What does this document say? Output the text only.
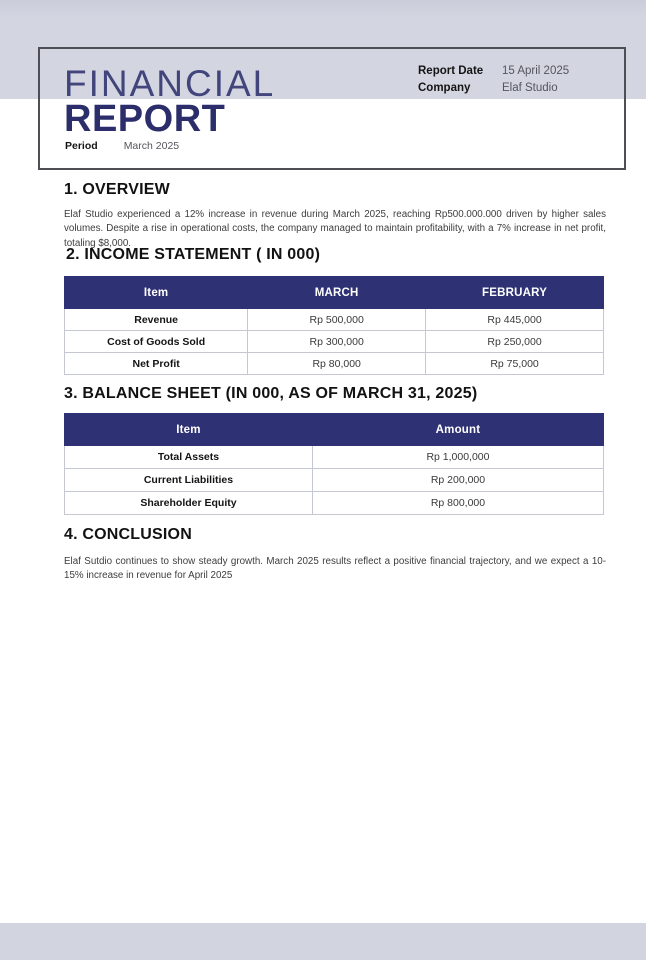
FINANCIAL
REPORT
Report Date	15 April 2025
Company	Elaf Studio
Period March 2025
1. OVERVIEW
Elaf Studio experienced a 12% increase in revenue during March 2025, reaching Rp500.000.000 driven by higher sales volumes. Despite a rise in operational costs, the company managed to maintain profitability, with a 7% increase in net profit, totaling $8,000.
2. INCOME STATEMENT ( IN 000)
Item	MARCH	FEBRUARY
Revenue	Rp 500,000	Rp 445,000
Cost of Goods Sold	Rp 300,000	Rp 250,000
Net Profit	Rp 80,000	Rp 75,000
3. BALANCE SHEET (IN 000, AS OF MARCH 31, 2025)
Item	Amount
Total Assets	Rp 1,000,000
Current Liabilities	Rp 200,000
Shareholder Equity	Rp 800,000
4. CONCLUSION
Elaf Sutdio continues to show steady growth. March 2025 results reflect a positive financial trajectory, and we expect a 10-15% increase in revenue for April 2025
